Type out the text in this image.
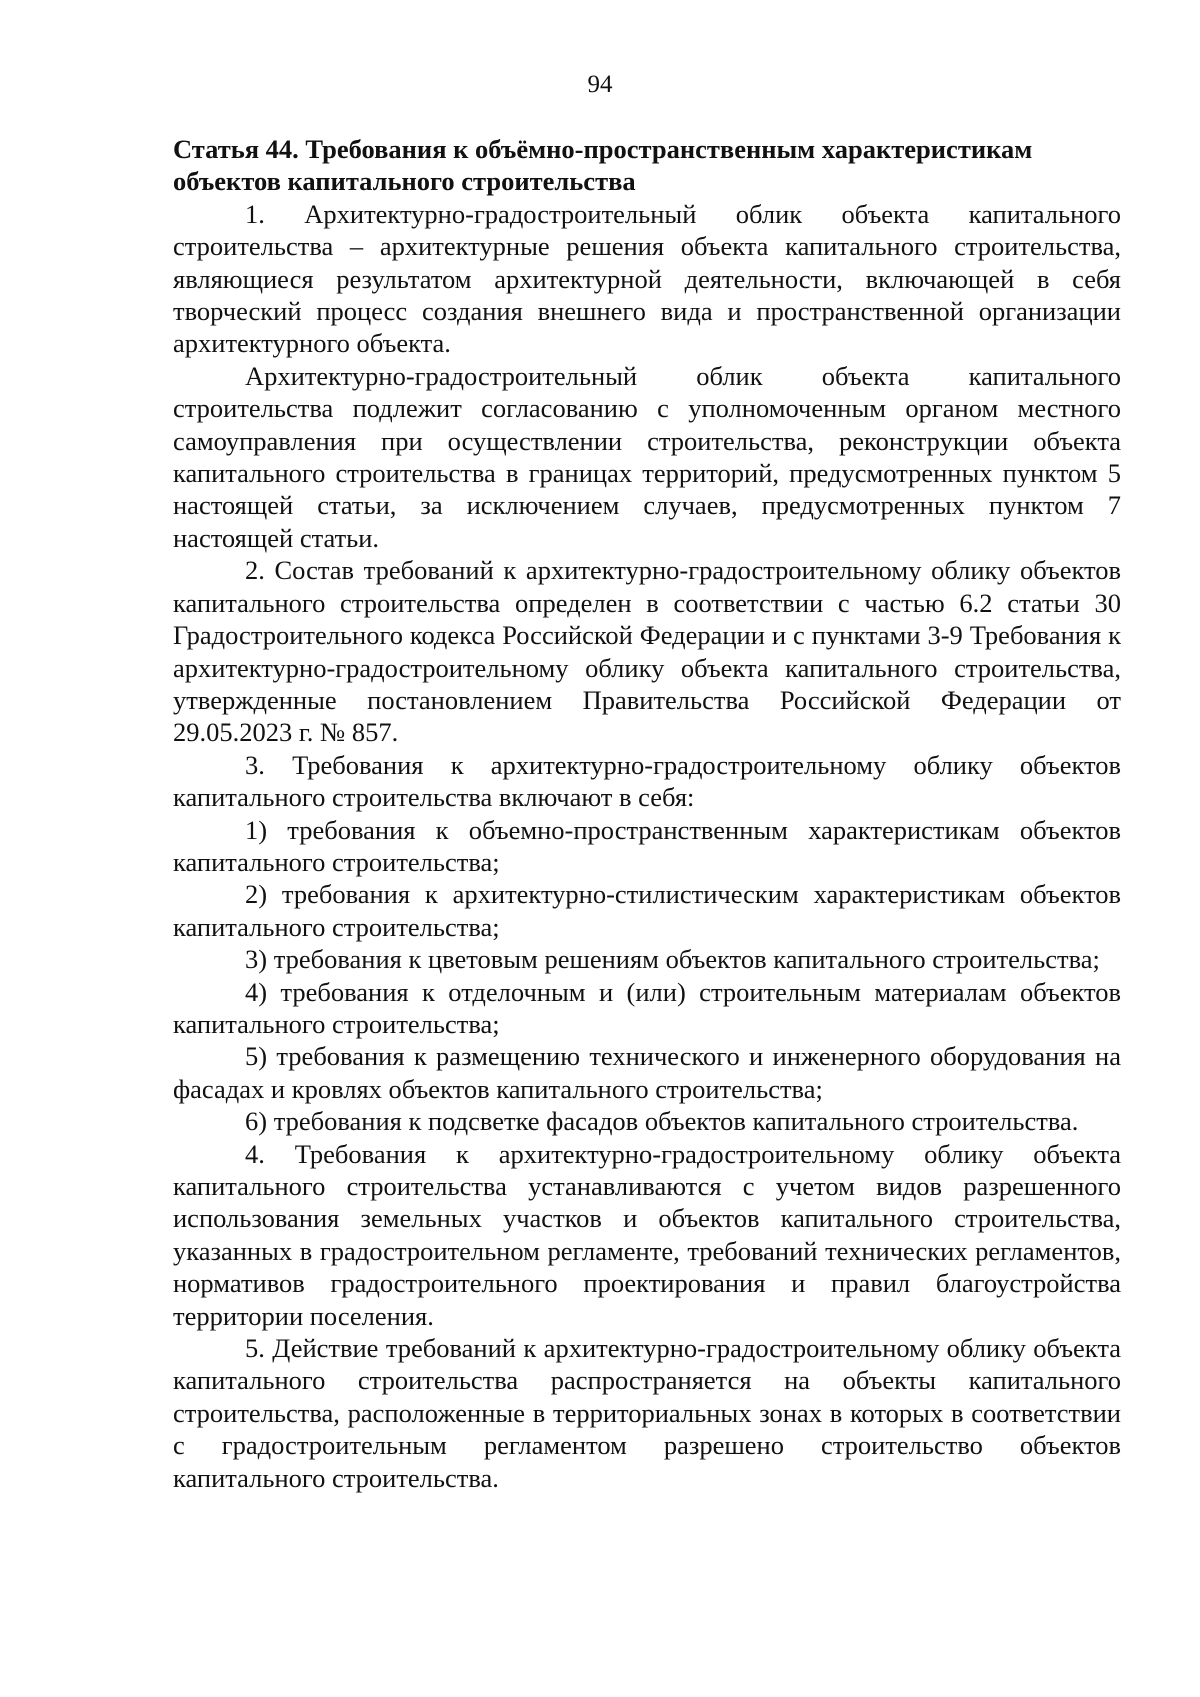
94

Статья 44. Требования к объёмно-пространственным характеристикам объектов капитального строительства

1. Архитектурно-градостроительный облик объекта капитального строительства – архитектурные решения объекта капитального строительства, являющиеся результатом архитектурной деятельности, включающей в себя творческий процесс создания внешнего вида и пространственной организации архитектурного объекта.

Архитектурно-градостроительный облик объекта капитального строительства подлежит согласованию с уполномоченным органом местного самоуправления при осуществлении строительства, реконструкции объекта капитального строительства в границах территорий, предусмотренных пунктом 5 настоящей статьи, за исключением случаев, предусмотренных пунктом 7 настоящей статьи.

2. Состав требований к архитектурно-градостроительному облику объектов капитального строительства определен в соответствии с частью 6.2 статьи 30 Градостроительного кодекса Российской Федерации и с пунктами 3-9 Требования к архитектурно-градостроительному облику объекта капитального строительства, утвержденные постановлением Правительства Российской Федерации от 29.05.2023 г. № 857.

3. Требования к архитектурно-градостроительному облику объектов капитального строительства включают в себя:

1) требования к объемно-пространственным характеристикам объектов капитального строительства;

2) требования к архитектурно-стилистическим характеристикам объектов капитального строительства;

3) требования к цветовым решениям объектов капитального строительства;

4) требования к отделочным и (или) строительным материалам объектов капитального строительства;

5) требования к размещению технического и инженерного оборудования на фасадах и кровлях объектов капитального строительства;

6) требования к подсветке фасадов объектов капитального строительства.

4. Требования к архитектурно-градостроительному облику объекта капитального строительства устанавливаются с учетом видов разрешенного использования земельных участков и объектов капитального строительства, указанных в градостроительном регламенте, требований технических регламентов, нормативов градостроительного проектирования и правил благоустройства территории поселения.

5. Действие требований к архитектурно-градостроительному облику объекта капитального строительства распространяется на объекты капитального строительства, расположенные в территориальных зонах в которых в соответствии с градостроительным регламентом разрешено строительство объектов капитального строительства.
